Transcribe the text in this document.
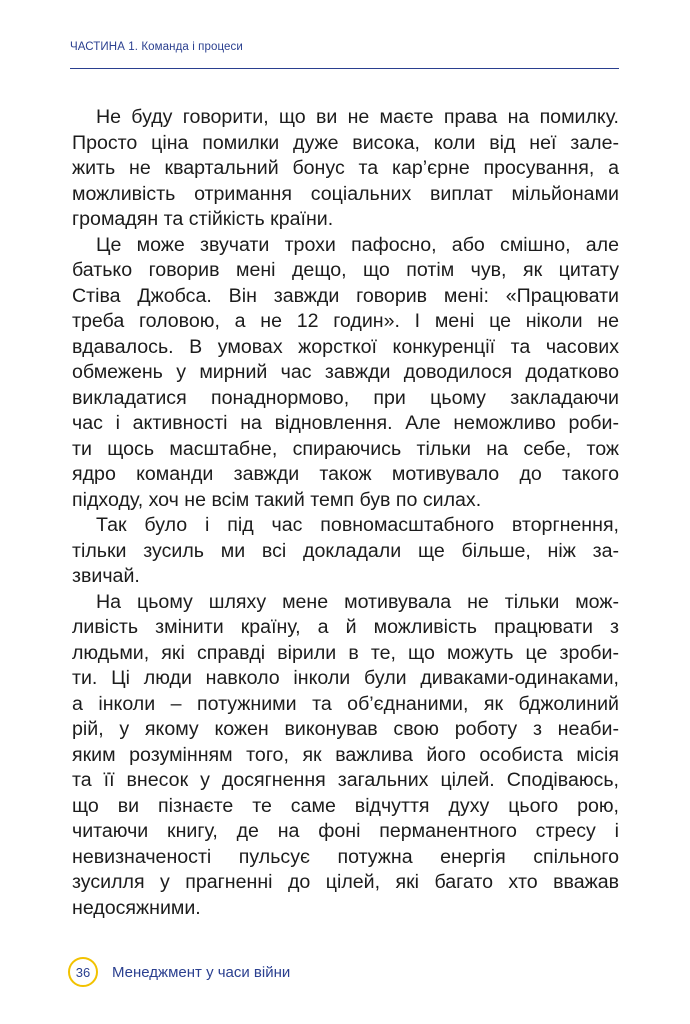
ЧАСТИНА 1. Команда і процеси

Не буду говорити, що ви не маєте права на помилку.
Просто ціна помилки дуже висока, коли від неї зале-
жить не квартальний бонус та кар’єрне просування, а
можливість отримання соціальних виплат мільйонами
громадян та стійкість країни.

Це може звучати трохи пафосно, або смішно, але
батько говорив мені дещо, що потім чув, як цитату
Стіва Джобса. Він завжди говорив мені: «Працювати
треба головою, а не 12 годин». І мені це ніколи не
вдавалось. В умовах жорсткої конкуренції та часових
обмежень у мирний час завжди доводилося додатково
викладатися понаднормово, при цьому закладаючи
час і активності на відновлення. Але неможливо роби-
ти щось масштабне, спираючись тільки на себе, тож
ядро команди завжди також мотивувало до такого
підходу, хоч не всім такий темп був по силах.

Так було і під час повномасштабного вторгнення,
тільки зусиль ми всі докладали ще більше, ніж за-
звичай.

На цьому шляху мене мотивувала не тільки мож-
ливість змінити країну, а й можливість працювати з
людьми, які справді вірили в те, що можуть це зроби-
ти. Ці люди навколо інколи були диваками-одинаками,
а інколи – потужними та об’єднаними, як бджолиний
рій, у якому кожен виконував свою роботу з неаби-
яким розумінням того, як важлива його особиста місія
та її внесок у досягнення загальних цілей. Сподіваюсь,
що ви пізнаєте те саме відчуття духу цього рою,
читаючи книгу, де на фоні перманентного стресу і
невизначеності пульсує потужна енергія спільного
зусилля у прагненні до цілей, які багато хто вважав
недосяжними.

36 Менеджмент у часи війни
